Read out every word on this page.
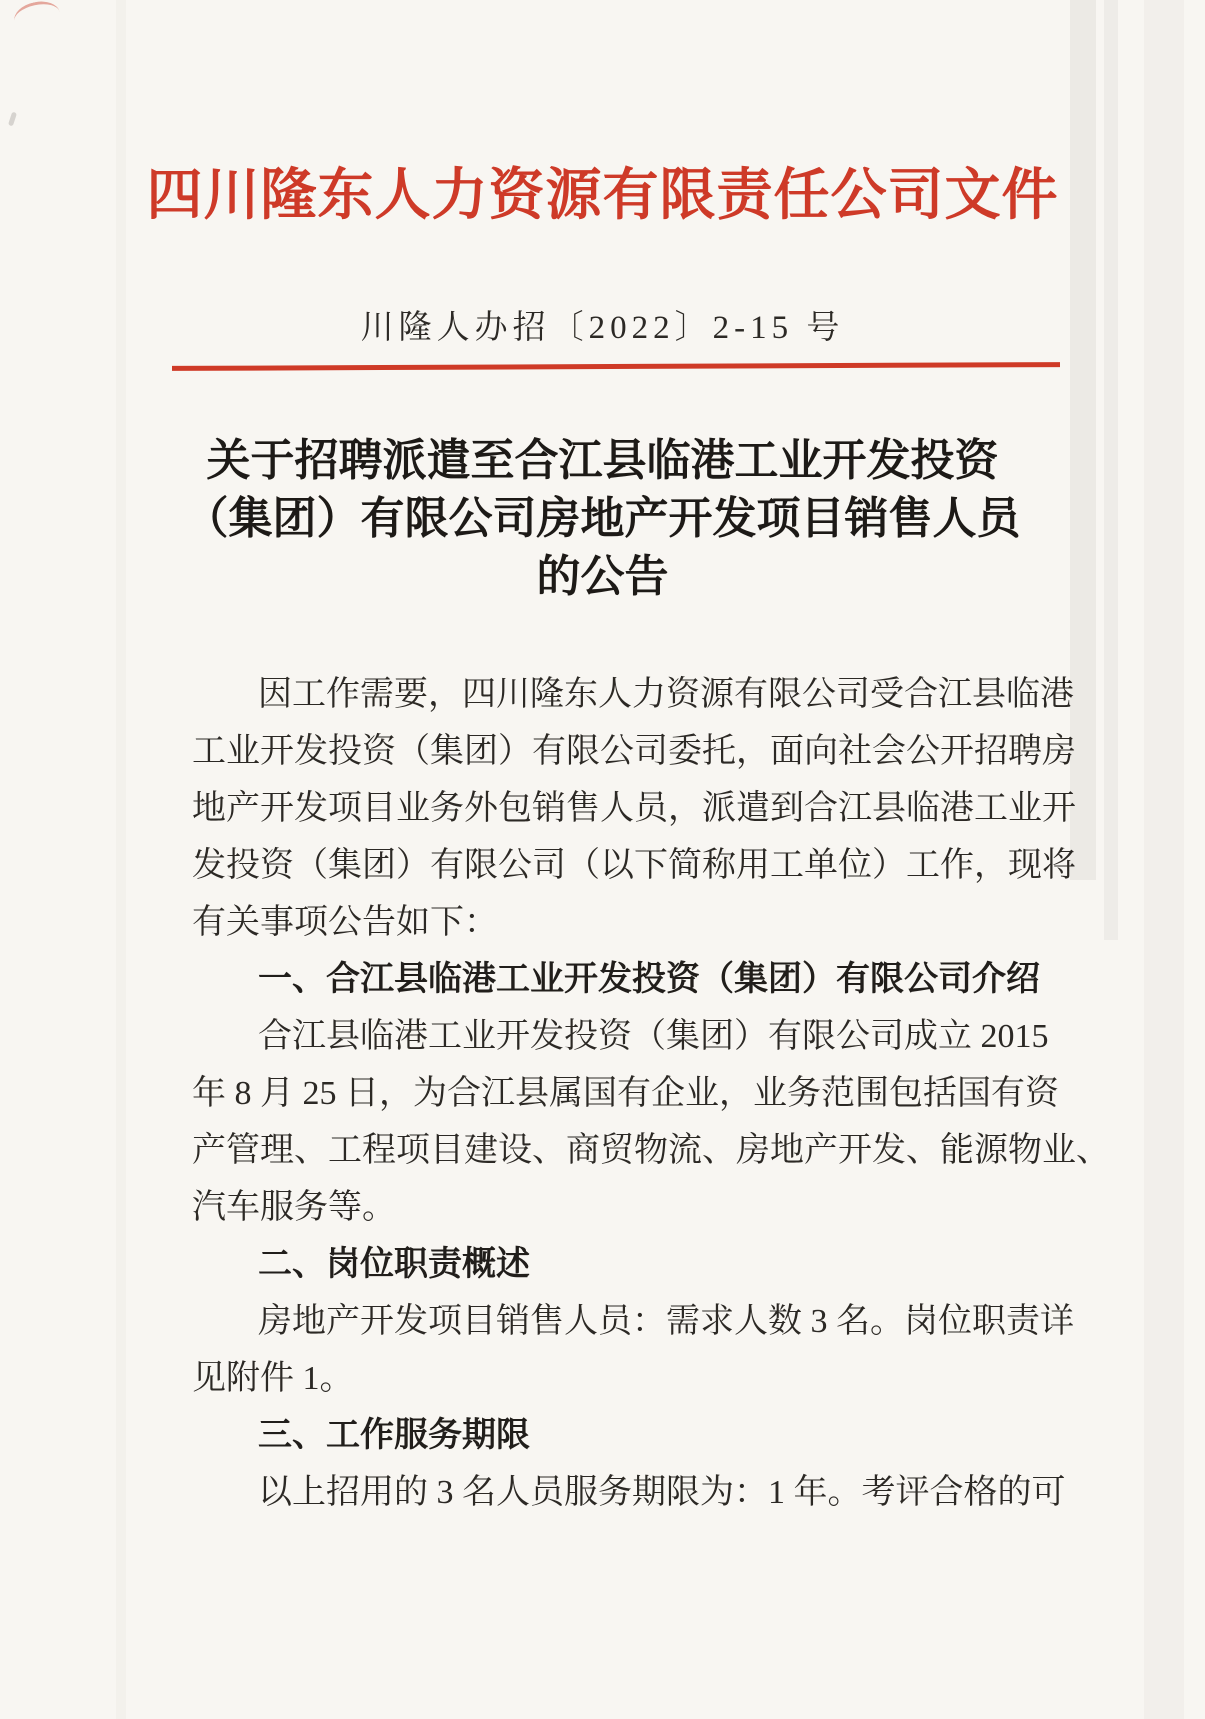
四川隆东人力资源有限责任公司文件
川隆人办招〔2022〕2-15 号
关于招聘派遣至合江县临港工业开发投资
（集团）有限公司房地产开发项目销售人员
的公告
因工作需要，四川隆东人力资源有限公司受合江县临港
工业开发投资（集团）有限公司委托，面向社会公开招聘房
地产开发项目业务外包销售人员，派遣到合江县临港工业开
发投资（集团）有限公司（以下简称用工单位）工作，现将
有关事项公告如下：
一、合江县临港工业开发投资（集团）有限公司介绍
合江县临港工业开发投资（集团）有限公司成立 2015
年 8 月 25 日，为合江县属国有企业，业务范围包括国有资
产管理、工程项目建设、商贸物流、房地产开发、能源物业、
汽车服务等。
二、岗位职责概述
房地产开发项目销售人员：需求人数 3 名。岗位职责详
见附件 1。
三、工作服务期限
以上招用的 3 名人员服务期限为：1 年。考评合格的可
